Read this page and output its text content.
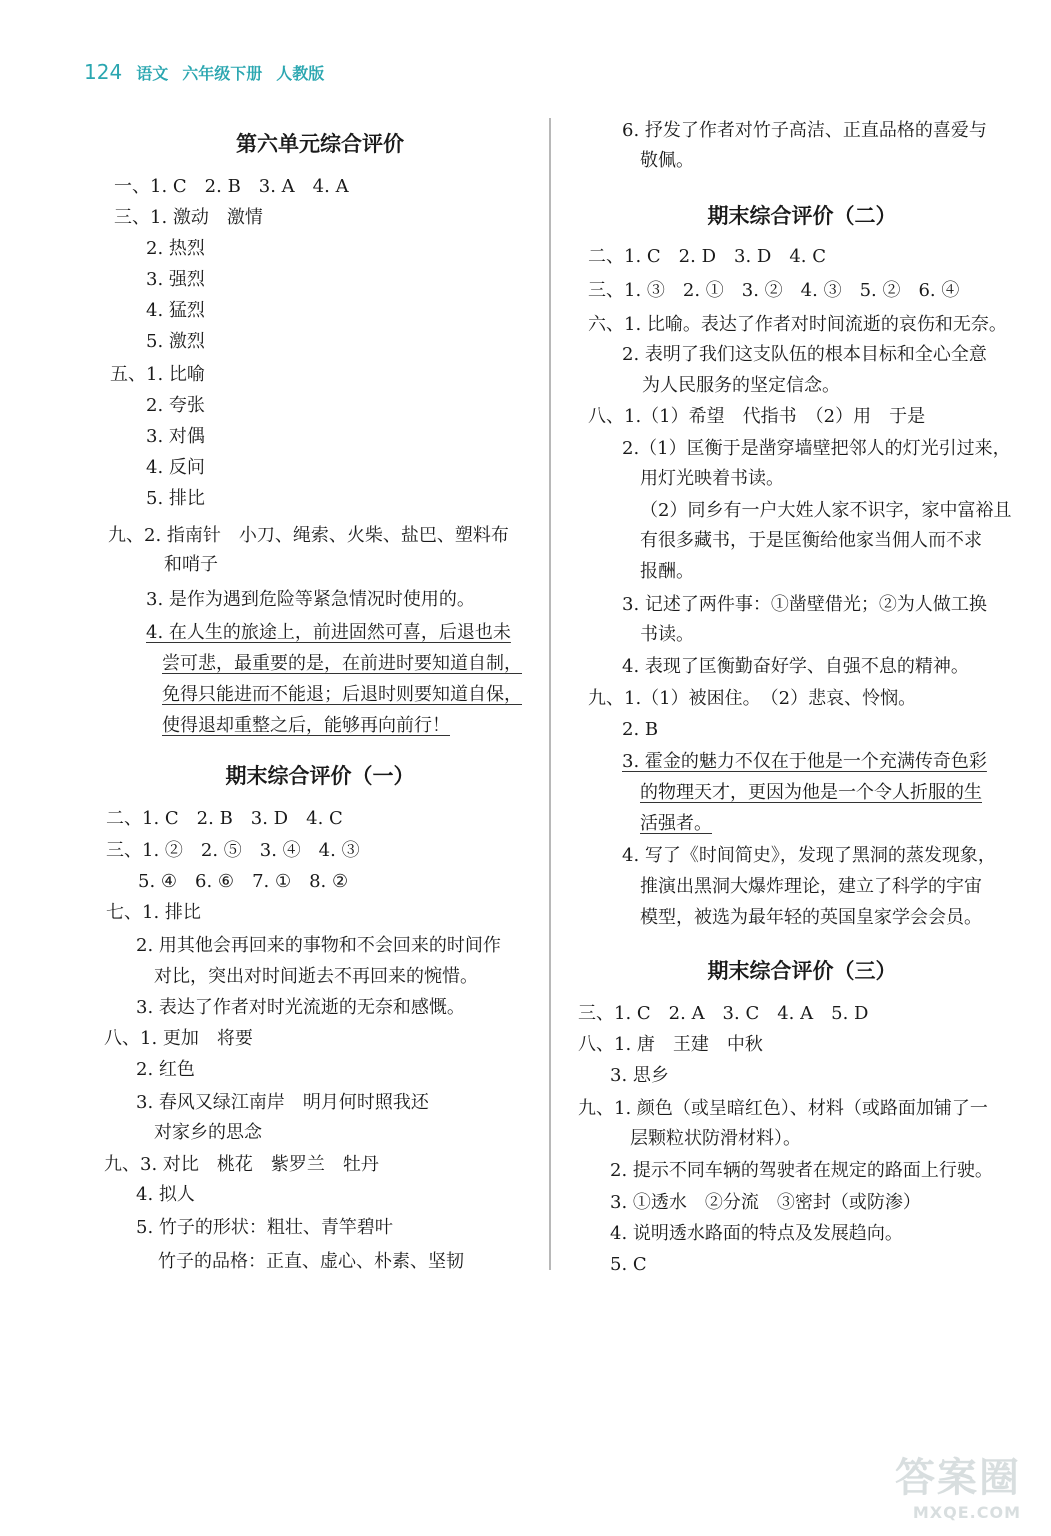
124 语文 六年级下册 人教版
第六单元综合评价
一、1. C　2. B　3. A　4. A
三、1. 激动　激情
2. 热烈
3. 强烈
4. 猛烈
5. 激烈
五、1. 比喻
2. 夸张
3. 对偶
4. 反问
5. 排比
九、2. 指南针　小刀、绳索、火柴、盐巴、塑料布
和哨子
3. 是作为遇到危险等紧急情况时使用的。
4. 在人生的旅途上，前进固然可喜，后退也未
尝可悲，最重要的是，在前进时要知道自制，
免得只能进而不能退；后退时则要知道自保，
使得退却重整之后，能够再向前行！
期末综合评价（一）
二、1. C　2. B　3. D　4. C
三、1. ②　2. ⑤　3. ④　4. ③
5. ④　6. ⑥　7. ①　8. ②
七、1. 排比
2. 用其他会再回来的事物和不会回来的时间作
对比，突出对时间逝去不再回来的惋惜。
3. 表达了作者对时光流逝的无奈和感慨。
八、1. 更加　将要
2. 红色
3. 春风又绿江南岸　明月何时照我还
对家乡的思念
九、3. 对比　桃花　紫罗兰　牡丹
4. 拟人
5. 竹子的形状：粗壮、青竿碧叶
竹子的品格：正直、虚心、朴素、坚韧
6. 抒发了作者对竹子高洁、正直品格的喜爱与
敬佩。
期末综合评价（二）
二、1. C　2. D　3. D　4. C
三、1. ③　2. ①　3. ②　4. ③　5. ②　6. ④
六、1. 比喻。表达了作者对时间流逝的哀伤和无奈。
2. 表明了我们这支队伍的根本目标和全心全意
为人民服务的坚定信念。
八、1.（1）希望　代指书　（2）用　于是
2.（1）匡衡于是凿穿墙壁把邻人的灯光引过来，
用灯光映着书读。
（2）同乡有一户大姓人家不识字，家中富裕且
有很多藏书，于是匡衡给他家当佣人而不求
报酬。
3. 记述了两件事：①凿壁借光；②为人做工换
书读。
4. 表现了匡衡勤奋好学、自强不息的精神。
九、1.（1）被困住。　（2）悲哀、怜悯。
2. B
3. 霍金的魅力不仅在于他是一个充满传奇色彩
的物理天才，更因为他是一个令人折服的生
活强者。
4. 写了《时间简史》，发现了黑洞的蒸发现象，
推演出黑洞大爆炸理论，建立了科学的宇宙
模型，被选为最年轻的英国皇家学会会员。
期末综合评价（三）
三、1. C　2. A　3. C　4. A　5. D
八、1. 唐　王建　中秋
3. 思乡
九、1. 颜色（或呈暗红色）、材料（或路面加铺了一
层颗粒状防滑材料）。
2. 提示不同车辆的驾驶者在规定的路面上行驶。
3. ①透水　②分流　③密封（或防渗）
4. 说明透水路面的特点及发展趋向。
5. C
答案圈
MXQE.COM
